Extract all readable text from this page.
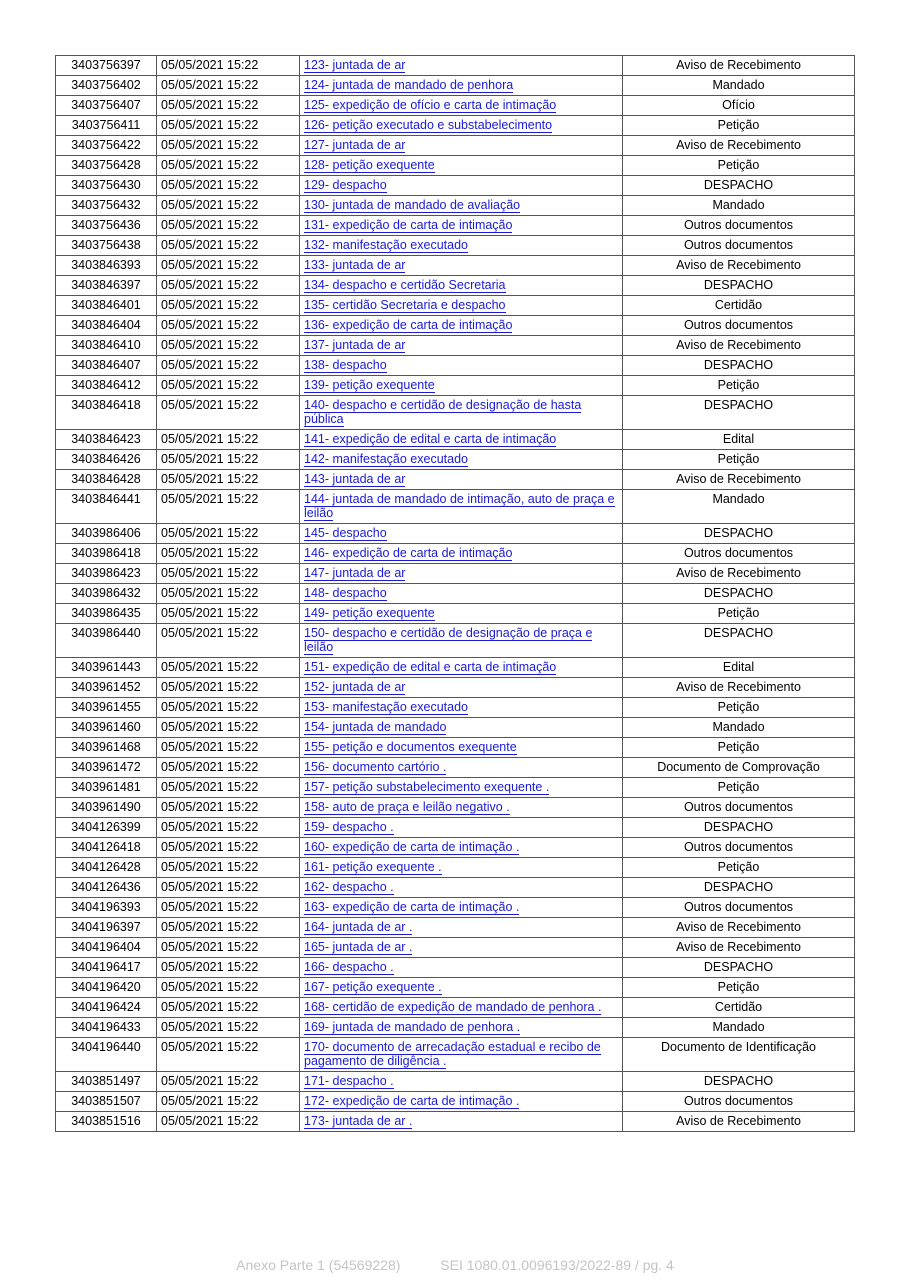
3403756397	05/05/2021 15:22	123- juntada de ar	Aviso de Recebimento
3403756402	05/05/2021 15:22	124- juntada de mandado de penhora	Mandado
3403756407	05/05/2021 15:22	125- expedição de ofício e carta de intimação	Ofício
3403756411	05/05/2021 15:22	126- petição executado e substabelecimento	Petição
3403756422	05/05/2021 15:22	127- juntada de ar	Aviso de Recebimento
3403756428	05/05/2021 15:22	128- petição exequente	Petição
3403756430	05/05/2021 15:22	129- despacho	DESPACHO
3403756432	05/05/2021 15:22	130- juntada de mandado de avaliação	Mandado
3403756436	05/05/2021 15:22	131- expedição de carta de intimação	Outros documentos
3403756438	05/05/2021 15:22	132- manifestação executado	Outros documentos
3403846393	05/05/2021 15:22	133- juntada de ar	Aviso de Recebimento
3403846397	05/05/2021 15:22	134- despacho e certidão Secretaria	DESPACHO
3403846401	05/05/2021 15:22	135- certidão Secretaria e despacho	Certidão
3403846404	05/05/2021 15:22	136- expedição de carta de intimação	Outros documentos
3403846410	05/05/2021 15:22	137- juntada de ar	Aviso de Recebimento
3403846407	05/05/2021 15:22	138- despacho	DESPACHO
3403846412	05/05/2021 15:22	139- petição exequente	Petição
3403846418	05/05/2021 15:22	140- despacho e certidão de designação de hasta pública	DESPACHO
3403846423	05/05/2021 15:22	141- expedição de edital e carta de intimação	Edital
3403846426	05/05/2021 15:22	142- manifestação executado	Petição
3403846428	05/05/2021 15:22	143- juntada de ar	Aviso de Recebimento
3403846441	05/05/2021 15:22	144- juntada de mandado de intimação, auto de praça e leilão	Mandado
3403986406	05/05/2021 15:22	145- despacho	DESPACHO
3403986418	05/05/2021 15:22	146- expedição de carta de intimação	Outros documentos
3403986423	05/05/2021 15:22	147- juntada de ar	Aviso de Recebimento
3403986432	05/05/2021 15:22	148- despacho	DESPACHO
3403986435	05/05/2021 15:22	149- petição exequente	Petição
3403986440	05/05/2021 15:22	150- despacho e certidão de designação de praça e leilão	DESPACHO
3403961443	05/05/2021 15:22	151- expedição de edital e carta de intimação	Edital
3403961452	05/05/2021 15:22	152- juntada de ar	Aviso de Recebimento
3403961455	05/05/2021 15:22	153- manifestação executado	Petição
3403961460	05/05/2021 15:22	154- juntada de mandado	Mandado
3403961468	05/05/2021 15:22	155- petição e documentos exequente	Petição
3403961472	05/05/2021 15:22	156- documento cartório .	Documento de Comprovação
3403961481	05/05/2021 15:22	157- petição substabelecimento exequente .	Petição
3403961490	05/05/2021 15:22	158- auto de praça e leilão negativo .	Outros documentos
3404126399	05/05/2021 15:22	159- despacho .	DESPACHO
3404126418	05/05/2021 15:22	160- expedição de carta de intimação .	Outros documentos
3404126428	05/05/2021 15:22	161- petição exequente .	Petição
3404126436	05/05/2021 15:22	162- despacho .	DESPACHO
3404196393	05/05/2021 15:22	163- expedição de carta de intimação .	Outros documentos
3404196397	05/05/2021 15:22	164- juntada de ar .	Aviso de Recebimento
3404196404	05/05/2021 15:22	165- juntada de ar .	Aviso de Recebimento
3404196417	05/05/2021 15:22	166- despacho .	DESPACHO
3404196420	05/05/2021 15:22	167- petição exequente .	Petição
3404196424	05/05/2021 15:22	168- certidão de expedição de mandado de penhora .	Certidão
3404196433	05/05/2021 15:22	169- juntada de mandado de penhora .	Mandado
3404196440	05/05/2021 15:22	170- documento de arrecadação estadual e recibo de pagamento de diligência .	Documento de Identificação
3403851497	05/05/2021 15:22	171- despacho .	DESPACHO
3403851507	05/05/2021 15:22	172- expedição de carta de intimação .	Outros documentos
3403851516	05/05/2021 15:22	173- juntada de ar .	Aviso de Recebimento
Anexo Parte 1 (54569228)	SEI 1080.01.0096193/2022-89 / pg. 4
